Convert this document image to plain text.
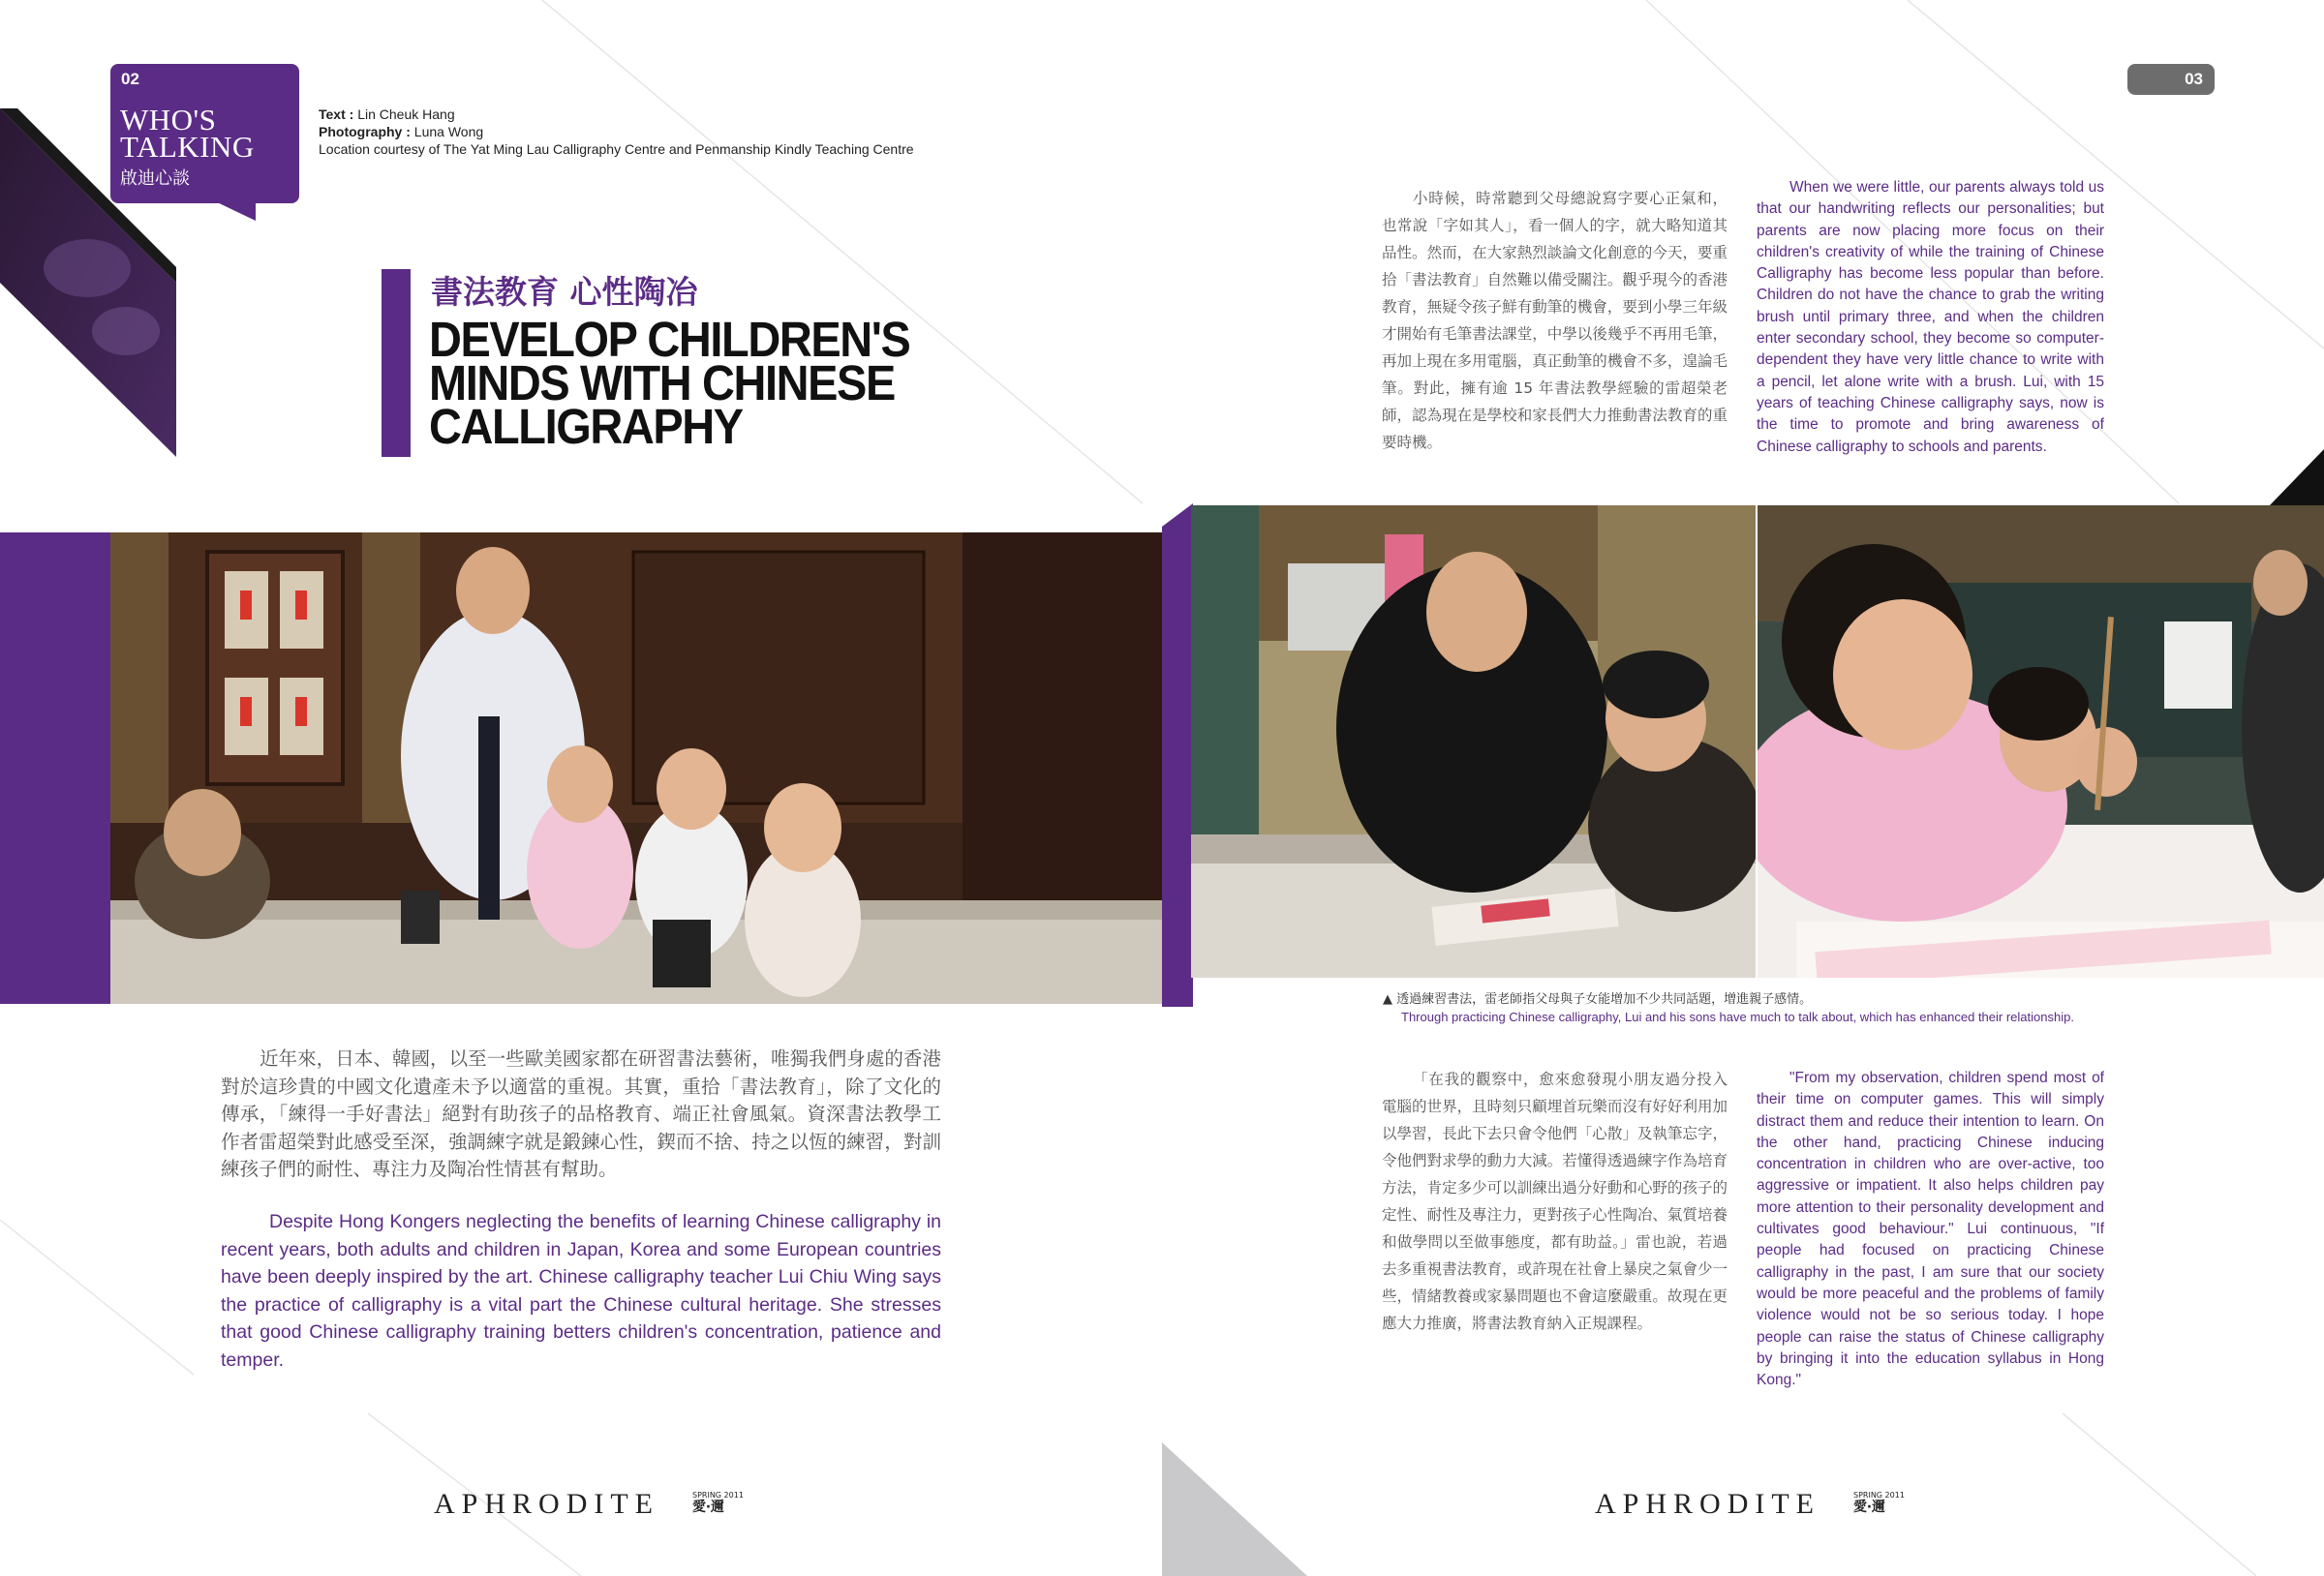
02
WHO'S
TALKING
啟迪心談
Text : Lin Cheuk Hang
Photography : Luna Wong
Location courtesy of The Yat Ming Lau Calligraphy Centre and Penmanship Kindly Teaching Centre
書法教育 心性陶冶
DEVELOP CHILDREN'S
MINDS WITH CHINESE
CALLIGRAPHY
03
近年來，日本、韓國，以至一些歐美國家都在研習書法藝術，唯獨我們身處的香港對於這珍貴的中國文化遺產未予以適當的重視。其實，重拾「書法教育」，除了文化的傳承，「練得一手好書法」絕對有助孩子的品格教育、端正社會風氣。資深書法教學工作者雷超榮對此感受至深，強調練字就是鍛鍊心性，鍥而不捨、持之以恆的練習，對訓練孩子們的耐性、專注力及陶冶性情甚有幫助。
Despite Hong Kongers neglecting the benefits of learning Chinese calligraphy in recent years, both adults and children in Japan, Korea and some European countries have been deeply inspired by the art. Chinese calligraphy teacher Lui Chiu Wing says the practice of calligraphy is a vital part the Chinese cultural heritage. She stresses that good Chinese calligraphy training betters children's concentration, patience and temper.
小時候，時常聽到父母總說寫字要心正氣和，也常說「字如其人」，看一個人的字，就大略知道其品性。然而，在大家熱烈談論文化創意的今天，要重拾「書法教育」自然難以備受關注。觀乎現今的香港教育，無疑令孩子鮮有動筆的機會，要到小學三年級才開始有毛筆書法課堂，中學以後幾乎不再用毛筆，再加上現在多用電腦，真正動筆的機會不多，遑論毛筆。對此，擁有逾 15 年書法教學經驗的雷超榮老師，認為現在是學校和家長們大力推動書法教育的重要時機。
When we were little, our parents always told us that our handwriting reflects our personalities; but parents are now placing more focus on their children's creativity of while the training of Chinese Calligraphy has become less popular than before. Children do not have the chance to grab the writing brush until primary three, and when the children enter secondary school, they become so computer-dependent they have very little chance to write with a pencil, let alone write with a brush. Lui, with 15 years of teaching Chinese calligraphy says, now is the time to promote and bring awareness of Chinese calligraphy to schools and parents.
▲ 透過練習書法，雷老師指父母與子女能增加不少共同話題，增進親子感情。
Through practicing Chinese calligraphy, Lui and his sons have much to talk about, which has enhanced their relationship.
「在我的觀察中，愈來愈發現小朋友過分投入電腦的世界，且時刻只顧埋首玩樂而沒有好好利用加以學習，長此下去只會令他們「心散」及執筆忘字，令他們對求學的動力大減。若懂得透過練字作為培育方法，肯定多少可以訓練出過分好動和心野的孩子的定性、耐性及專注力，更對孩子心性陶冶、氣質培養和做學問以至做事態度，都有助益。」雷也說，若過去多重視書法教育，或許現在社會上暴戾之氣會少一些，情緒教養或家暴問題也不會這麼嚴重。故現在更應大力推廣，將書法教育納入正規課程。
"From my observation, children spend most of their time on computer games. This will simply distract them and reduce their intention to learn. On the other hand, practicing Chinese inducing concentration in children who are over-active, too aggressive or impatient. It also helps children pay more attention to their personality development and cultivates good behaviour." Lui continuous, "If people had focused on practicing Chinese calligraphy in the past, I am sure that our society would be more peaceful and the problems of family violence would not be so serious today. I hope people can raise the status of Chinese calligraphy by bringing it into the education syllabus in Hong Kong."
APHRODITE	SPRING 2011
愛‧邇	APHRODITE	SPRING 2011
愛‧邇
